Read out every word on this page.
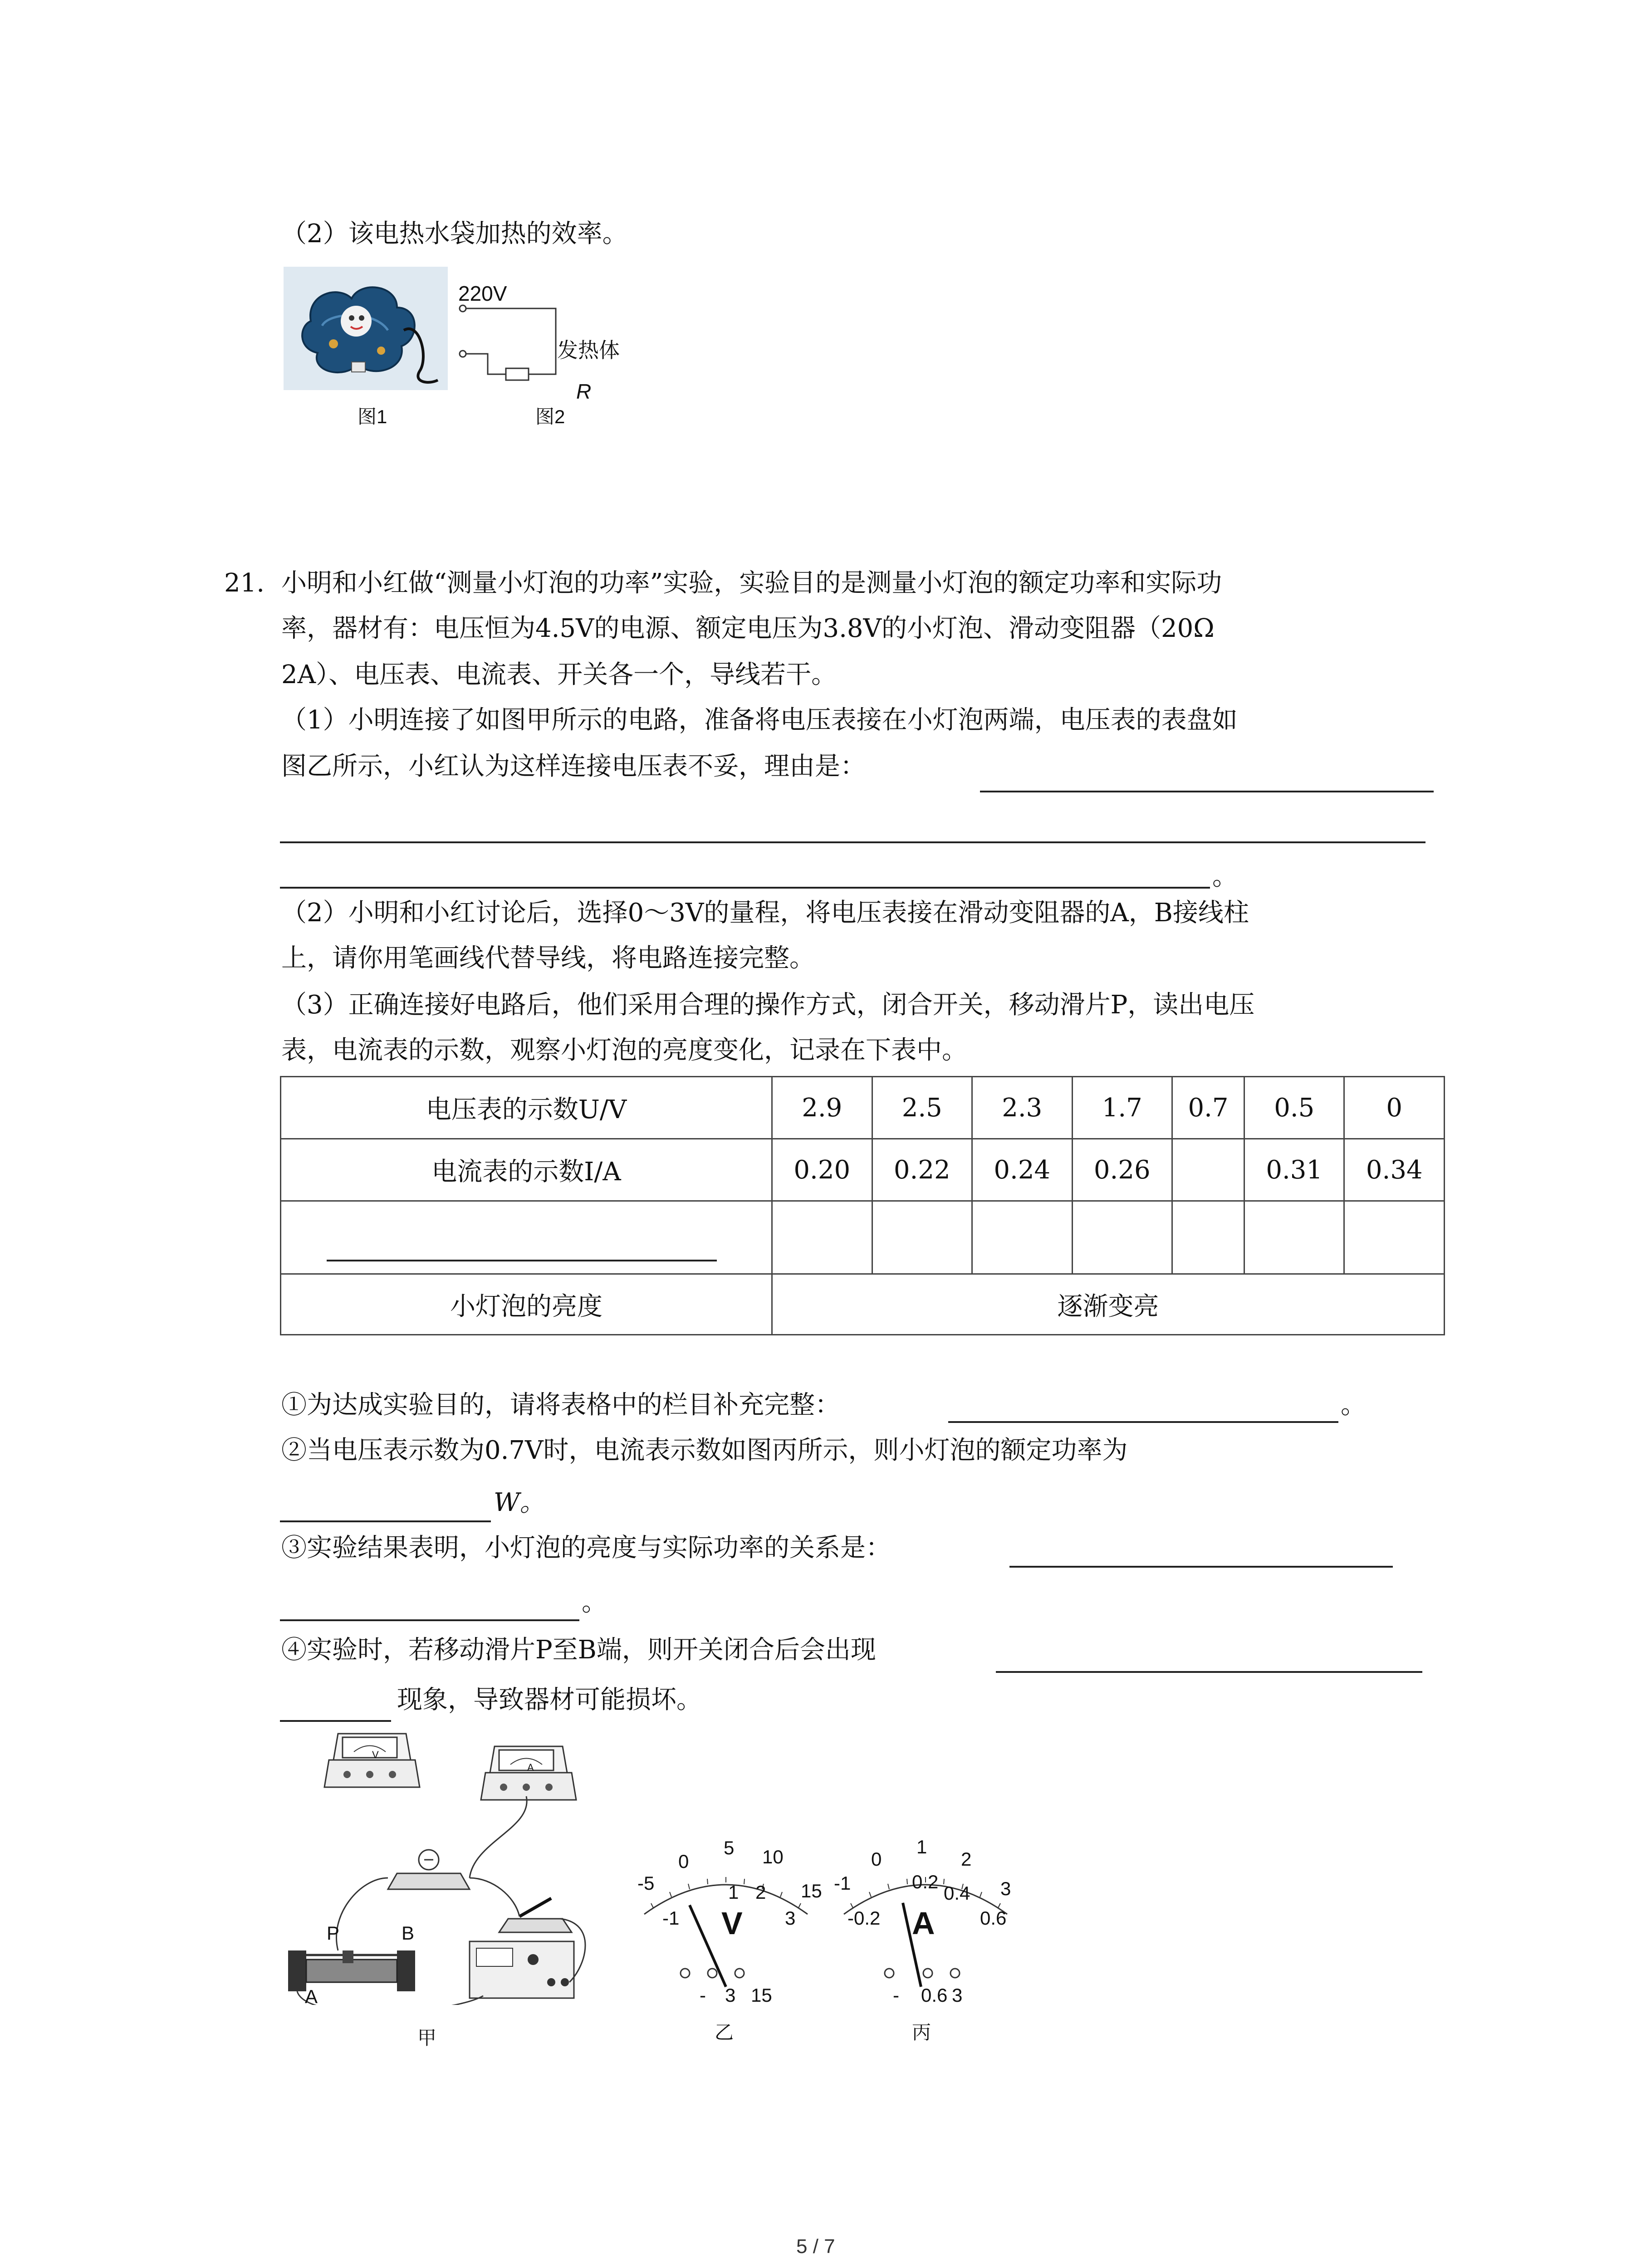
（2）该电热水袋加热的效率。
图1
220V
发热体
R
图2
21. 小明和小红做“测量小灯泡的功率”实验，实验目的是测量小灯泡的额定功率和实际功
率，器材有：电压恒为4.5V的电源、额定电压为3.8V的小灯泡、滑动变阻器（20Ω
2A）、电压表、电流表、开关各一个，导线若干。
（1）小明连接了如图甲所示的电路，准备将电压表接在小灯泡两端，电压表的表盘如
图乙所示，小红认为这样连接电压表不妥，理由是：
。
（2）小明和小红讨论后，选择0～3V的量程，将电压表接在滑动变阻器的A，B接线柱
上，请你用笔画线代替导线，将电路连接完整。
（3）正确连接好电路后，他们采用合理的操作方式，闭合开关，移动滑片P，读出电压
表，电流表的示数，观察小灯泡的亮度变化，记录在下表中。
电压表的示数U/V	2.9	2.5	2.3	1.7	0.7	0.5	0
电流表的示数I/A	0.20	0.22	0.24	0.26		0.31	0.34

小灯泡的亮度	逐渐变亮						
①为达成实验目的，请将表格中的栏目补充完整：	。
②当电压表示数为0.7V时，电流表示数如图丙所示，则小灯泡的额定功率为
W。
③实验结果表明，小灯泡的亮度与实际功率的关系是：
。
④实验时，若移动滑片P至B端，则开关闭合后会出现
现象，导致器材可能损坏。
P	B
A
甲
0
5 10
15
-5
-1
1 2
3
V
- 3 15
乙
0
1
2
3
-1
-0.2
0.2
0.4
0.6
A
- 0.6 3
丙
V
A
5 / 7
